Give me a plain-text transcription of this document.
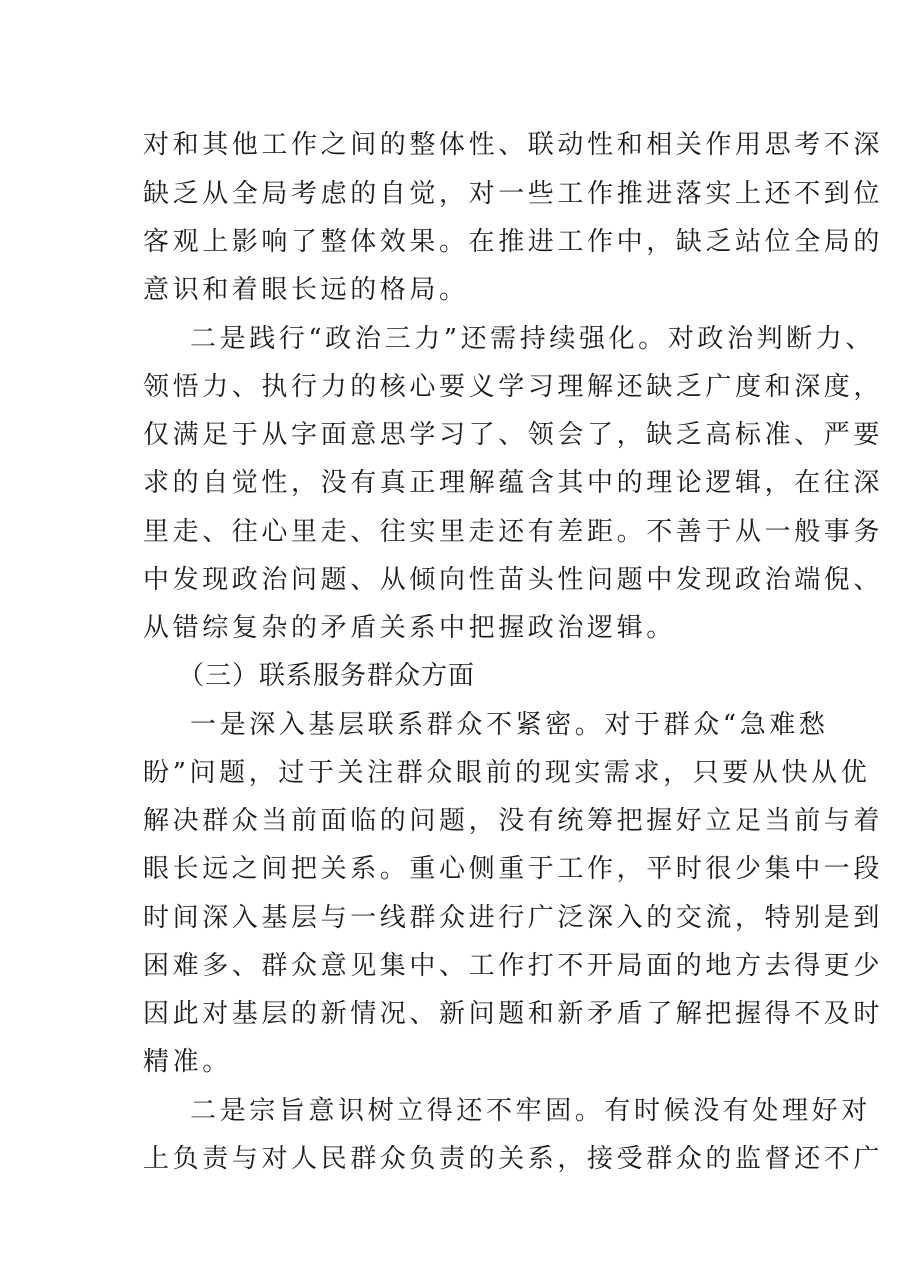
对和其他工作之间的整体性、联动性和相关作用思考不深
缺乏从全局考虑的自觉，对一些工作推进落实上还不到位
客观上影响了整体效果。在推进工作中，缺乏站位全局的
意识和着眼长远的格局。
二是践行“政治三力”还需持续强化。对政治判断力、
领悟力、执行力的核心要义学习理解还缺乏广度和深度，
仅满足于从字面意思学习了、领会了，缺乏高标准、严要
求的自觉性，没有真正理解蕴含其中的理论逻辑，在往深
里走、往心里走、往实里走还有差距。不善于从一般事务
中发现政治问题、从倾向性苗头性问题中发现政治端倪、
从错综复杂的矛盾关系中把握政治逻辑。
（三）联系服务群众方面
一是深入基层联系群众不紧密。对于群众“急难愁
盼”问题，过于关注群众眼前的现实需求，只要从快从优
解决群众当前面临的问题，没有统筹把握好立足当前与着
眼长远之间把关系。重心侧重于工作，平时很少集中一段
时间深入基层与一线群众进行广泛深入的交流，特别是到
困难多、群众意见集中、工作打不开局面的地方去得更少
因此对基层的新情况、新问题和新矛盾了解把握得不及时
精准。
二是宗旨意识树立得还不牢固。有时候没有处理好对
上负责与对人民群众负责的关系，接受群众的监督还不广
